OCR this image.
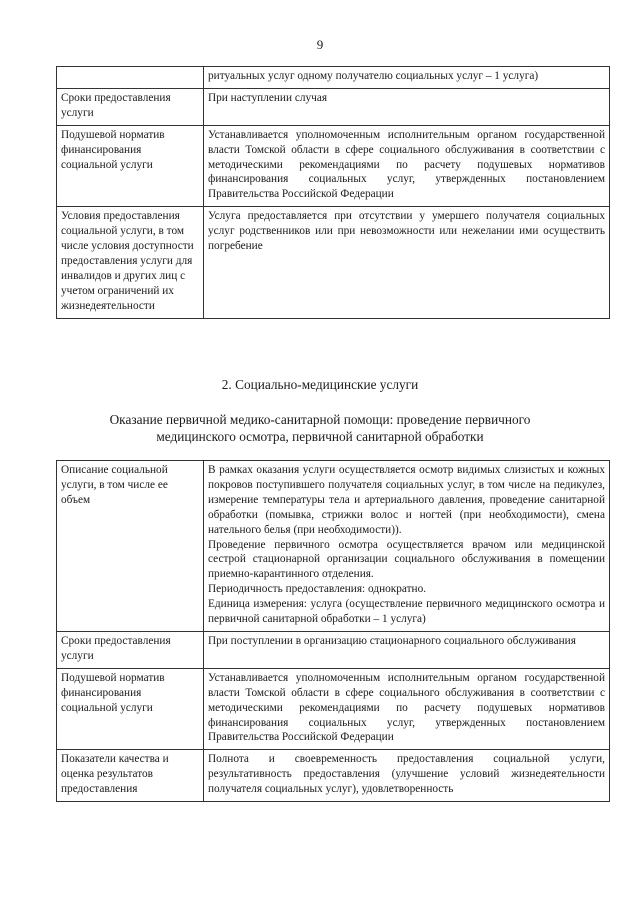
9

	ритуальных услуг одному получателю социальных услуг – 1 услуга)

Сроки предоставления услуги	При наступлении случая

Подушевой норматив финансирования социальной услуги	Устанавливается уполномоченным исполнительным органом государственной власти Томской области в сфере социального обслуживания в соответствии с методическими рекомендациями по расчету подушевых нормативов финансирования социальных услуг, утвержденных постановлением Правительства Российской Федерации

Условия предоставления социальной услуги, в том числе условия доступности предоставления услуги для инвалидов и других лиц с учетом ограничений их жизнедеятельности	Услуга предоставляется при отсутствии у умершего получателя социальных услуг родственников или при невозможности или нежелании ими осуществить погребение

2. Социально-медицинские услуги
Оказание первичной медико-санитарной помощи: проведение первичного медицинского осмотра, первичной санитарной обработки
Описание социальной услуги, в том числе ее объем	В рамках оказания услуги осуществляется осмотр видимых слизистых и кожных покровов поступившего получателя социальных услуг, в том числе на педикулез, измерение температуры тела и артериального давления, проведение санитарной обработки (помывка, стрижки волос и ногтей (при необходимости), смена нательного белья (при необходимости)).

Проведение первичного осмотра осуществляется врачом или медицинской сестрой стационарной организации социального обслуживания в помещении приемно-карантинного отделения.

Периодичность предоставления: однократно.

Единица измерения: услуга (осуществление первичного медицинского осмотра и первичной санитарной обработки – 1 услуга)

Сроки предоставления услуги	При поступлении в организацию стационарного социального обслуживания

Подушевой норматив финансирования социальной услуги	Устанавливается уполномоченным исполнительным органом государственной власти Томской области в сфере социального обслуживания в соответствии с методическими рекомендациями по расчету подушевых нормативов финансирования социальных услуг, утвержденных постановлением Правительства Российской Федерации

Показатели качества и оценка результатов предоставления	Полнота и своевременность предоставления социальной услуги, результативность предоставления (улучшение условий жизнедеятельности получателя социальных услуг), удовлетворенность
